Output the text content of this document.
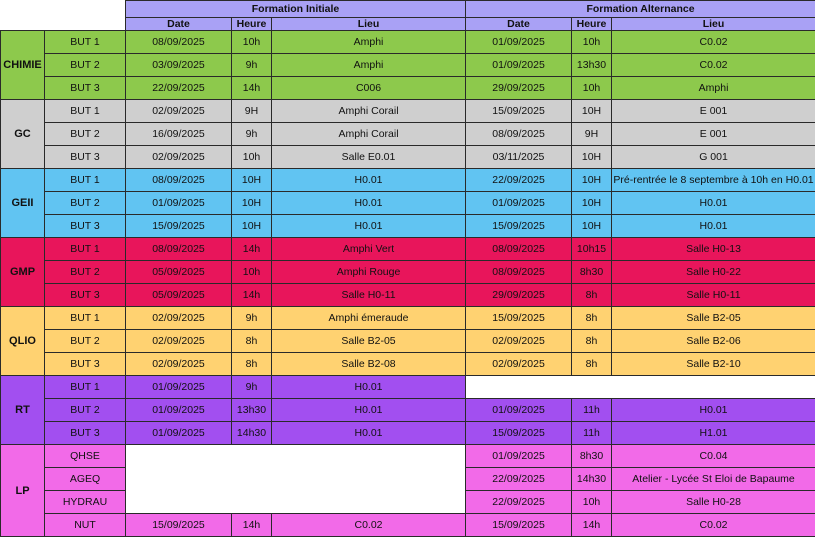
		Formation Initiale			Formation Alternance		
		Date	Heure	Lieu	Date	Heure	Lieu
CHIMIE	BUT 1	08/09/2025	10h	Amphi	01/09/2025	10h	C0.02
	BUT 2	03/09/2025	9h	Amphi	01/09/2025	13h30	C0.02
	BUT 3	22/09/2025	14h	C006	29/09/2025	10h	Amphi
GC	BUT 1	02/09/2025	9H	Amphi Corail	15/09/2025	10H	E 001
	BUT 2	16/09/2025	9h	Amphi Corail	08/09/2025	9H	E 001
	BUT 3	02/09/2025	10h	Salle E0.01	03/11/2025	10H	G 001
GEII	BUT 1	08/09/2025	10H	H0.01	22/09/2025	10H	Pré-rentrée le 8 septembre à 10h en H0.01
	BUT 2	01/09/2025	10H	H0.01	01/09/2025	10H	H0.01
	BUT 3	15/09/2025	10H	H0.01	15/09/2025	10H	H0.01
GMP	BUT 1	08/09/2025	14h	Amphi Vert	08/09/2025	10h15	Salle H0-13
	BUT 2	05/09/2025	10h	Amphi Rouge	08/09/2025	8h30	Salle H0-22
	BUT 3	05/09/2025	14h	Salle H0-11	29/09/2025	8h	Salle H0-11
QLIO	BUT 1	02/09/2025	9h	Amphi émeraude	15/09/2025	8h	Salle B2-05
	BUT 2	02/09/2025	8h	Salle B2-05	02/09/2025	8h	Salle B2-06
	BUT 3	02/09/2025	8h	Salle B2-08	02/09/2025	8h	Salle B2-10
RT	BUT 1	01/09/2025	9h	H0.01			
	BUT 2	01/09/2025	13h30	H0.01	01/09/2025	11h	H0.01
	BUT 3	01/09/2025	14h30	H0.01	15/09/2025	11h	H1.01
LP	QHSE				01/09/2025	8h30	C0.04
	AGEQ				22/09/2025	14h30	Atelier - Lycée St Eloi de Bapaume
	HYDRAU				22/09/2025	10h	Salle H0-28
	NUT	15/09/2025	14h	C0.02	15/09/2025	14h	C0.02
